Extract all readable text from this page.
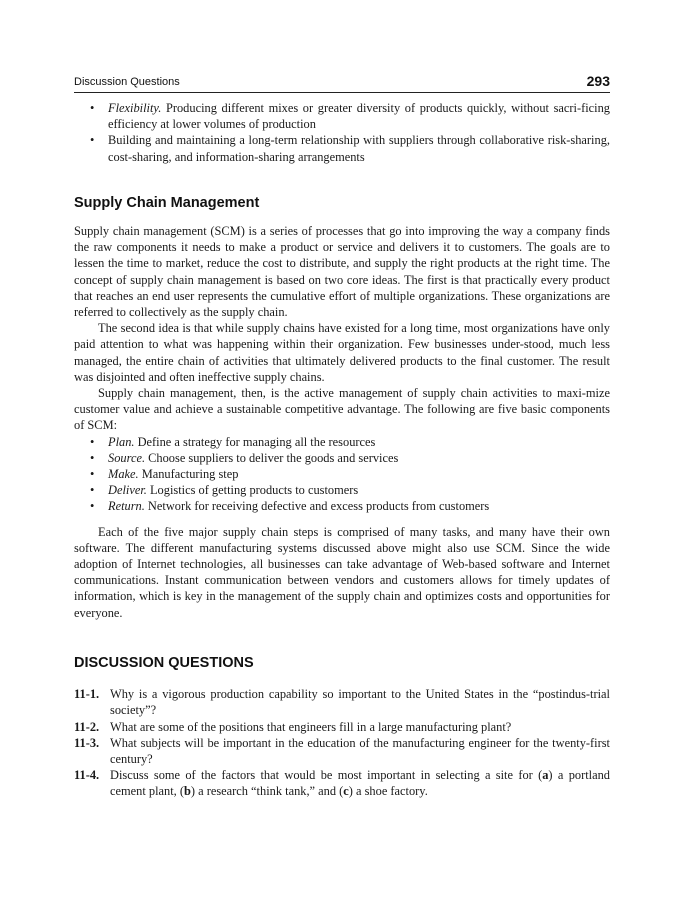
Discussion Questions	293
• Flexibility. Producing different mixes or greater diversity of products quickly, without sacri-ficing efficiency at lower volumes of production
• Building and maintaining a long-term relationship with suppliers through collaborative risk-sharing, cost-sharing, and information-sharing arrangements
Supply Chain Management

Supply chain management (SCM) is a series of processes that go into improving the way a company finds the raw components it needs to make a product or service and delivers it to customers. The goals are to lessen the time to market, reduce the cost to distribute, and supply the right products at the right time. The concept of supply chain management is based on two core ideas. The first is that practically every product that reaches an end user represents the cumulative effort of multiple organizations. These organizations are referred to collectively as the supply chain.

The second idea is that while supply chains have existed for a long time, most organizations have only paid attention to what was happening within their organization. Few businesses under-stood, much less managed, the entire chain of activities that ultimately delivered products to the final customer. The result was disjointed and often ineffective supply chains.

Supply chain management, then, is the active management of supply chain activities to maxi-mize customer value and achieve a sustainable competitive advantage. The following are five basic components of SCM:

• Plan. Define a strategy for managing all the resources
• Source. Choose suppliers to deliver the goods and services
• Make. Manufacturing step
• Deliver. Logistics of getting products to customers
• Return. Network for receiving defective and excess products from customers

Each of the five major supply chain steps is comprised of many tasks, and many have their own software. The different manufacturing systems discussed above might also use SCM. Since the wide adoption of Internet technologies, all businesses can take advantage of Web-based software and Internet communications. Instant communication between vendors and customers allows for timely updates of information, which is key in the management of the supply chain and optimizes costs and opportunities for everyone.

DISCUSSION QUESTIONS
11-1. Why is a vigorous production capability so important to the United States in the “postindus-trial society”?
11-2. What are some of the positions that engineers fill in a large manufacturing plant?
11-3. What subjects will be important in the education of the manufacturing engineer for the twenty-first century?
11-4. Discuss some of the factors that would be most important in selecting a site for (a) a portland cement plant, (b) a research “think tank,” and (c) a shoe factory.
